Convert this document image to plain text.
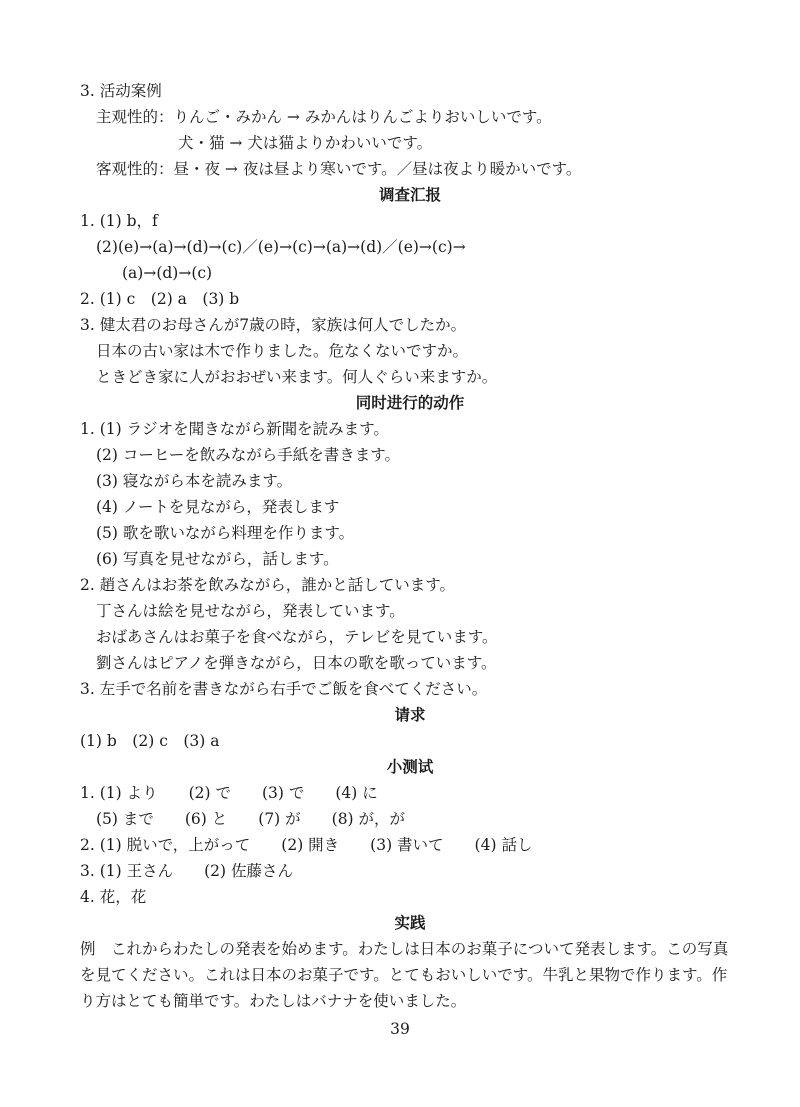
3. 活动案例
主观性的：りんご・みかん → みかんはりんごよりおいしいです。
犬・猫 → 犬は猫よりかわいいです。
客观性的：昼・夜 → 夜は昼より寒いです。／昼は夜より暖かいです。
调查汇报
1. (1) b，f
(2)(e)→(a)→(d)→(c)／(e)→(c)→(a)→(d)／(e)→(c)→
(a)→(d)→(c)
2. (1) c　(2) a　(3) b
3. 健太君のお母さんが7歳の時，家族は何人でしたか。
日本の古い家は木で作りました。危なくないですか。
ときどき家に人がおおぜい来ます。何人ぐらい来ますか。
同时进行的动作
1. (1) ラジオを聞きながら新聞を読みます。
(2) コーヒーを飲みながら手紙を書きます。
(3) 寝ながら本を読みます。
(4) ノートを見ながら，発表します
(5) 歌を歌いながら料理を作ります。
(6) 写真を見せながら，話します。
2. 趙さんはお茶を飲みながら，誰かと話しています。
丁さんは絵を見せながら，発表しています。
おばあさんはお菓子を食べながら，テレビを見ています。
劉さんはピアノを弾きながら，日本の歌を歌っています。
3. 左手で名前を書きながら右手でご飯を食べてください。
请求
(1) b　(2) c　(3) a
小测试
1. (1) より　　(2) で　　(3) で　　(4) に
(5) まで　　(6) と　　(7) が　　(8) が，が
2. (1) 脱いで，上がって　　(2) 開き　　(3) 書いて　　(4) 話し
3. (1) 王さん　　(2) 佐藤さん
4. 花，花
实践
例　これからわたしの発表を始めます。わたしは日本のお菓子について発表します。この写真を見てください。これは日本のお菓子です。とてもおいしいです。牛乳と果物で作ります。作り方はとても簡単です。わたしはバナナを使いました。
39
